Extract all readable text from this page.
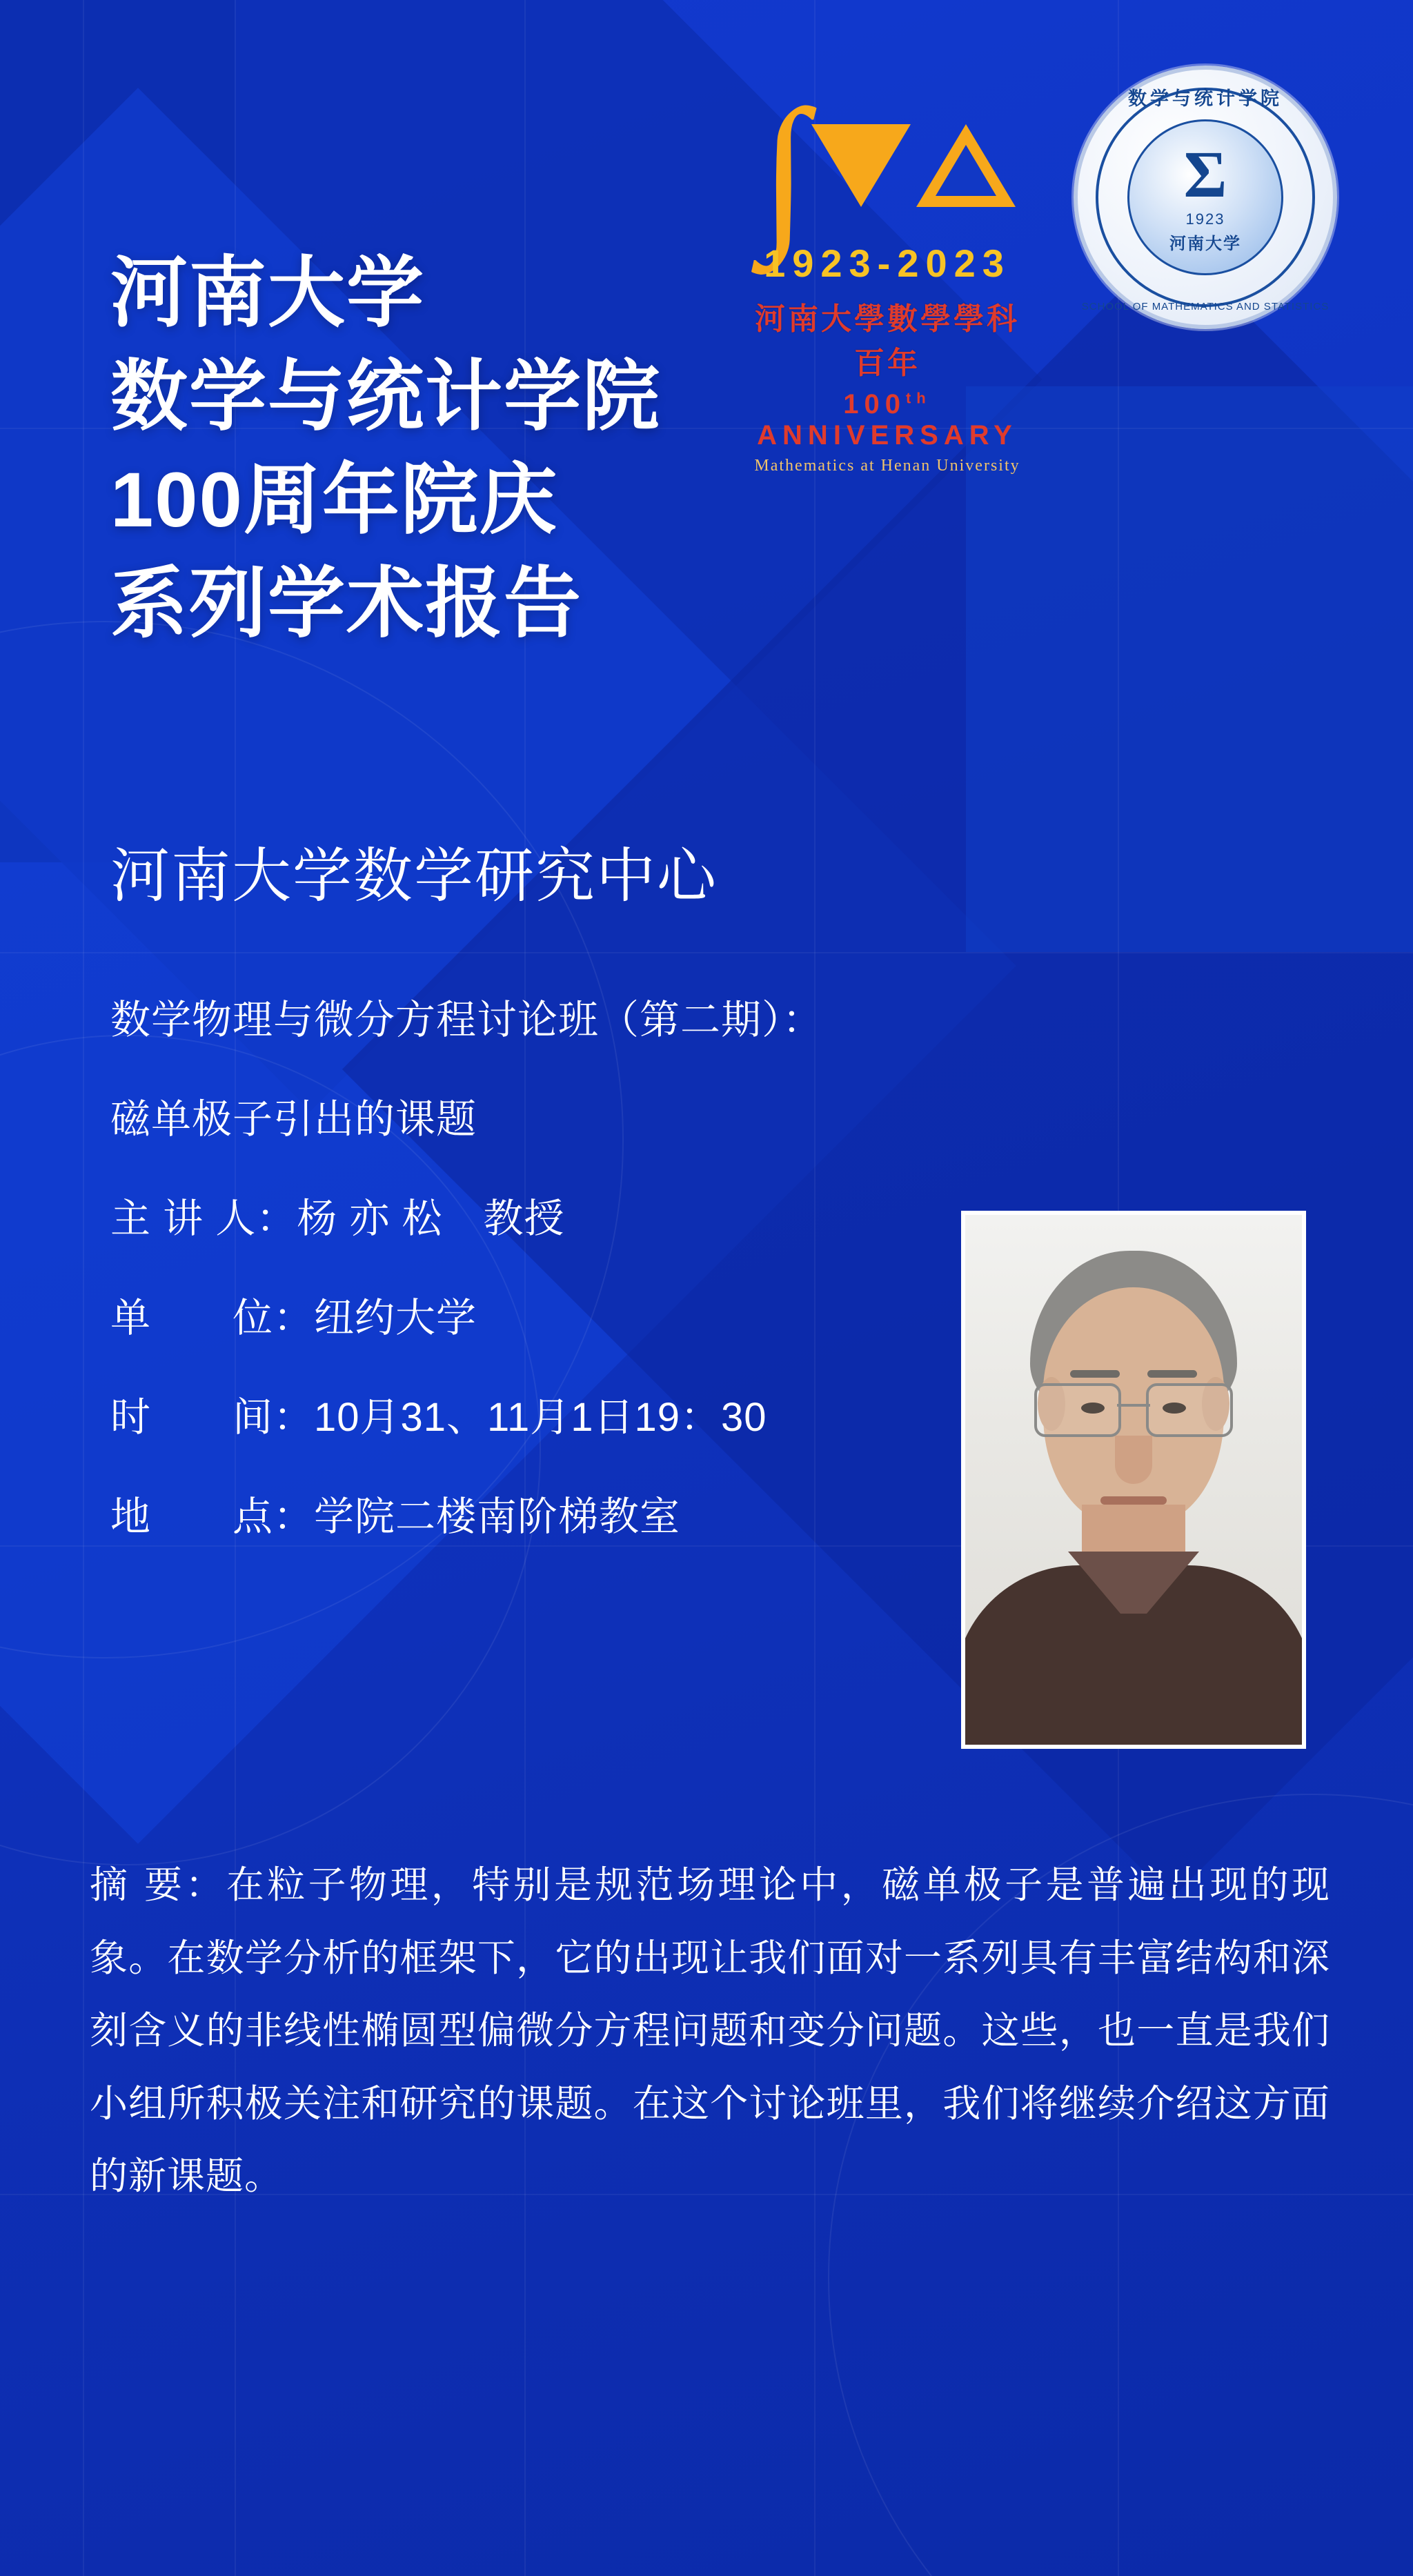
∫
1923-2023
河南大學數學學科百年
100th ANNIVERSARY
Mathematics at Henan University
数学与统计学院
SCHOOL OF MATHEMATICS AND STATISTICS
Σ
1923
河南大学
河南大学
数学与统计学院
100周年院庆
系列学术报告
河南大学数学研究中心
数学物理与微分方程讨论班（第二期）：
磁单极子引出的课题
主 讲 人：杨 亦 松　教授
单　　位：纽约大学
时　　间：10月31、11月1日19：30
地　　点：学院二楼南阶梯教室

摘 要：在粒子物理，特别是规范场理论中，磁单极子是普遍出现的现象。在数学分析的框架下，它的出现让我们面对一系列具有丰富结构和深刻含义的非线性椭圆型偏微分方程问题和变分问题。这些，也一直是我们小组所积极关注和研究的课题。在这个讨论班里，我们将继续介绍这方面的新课题。
